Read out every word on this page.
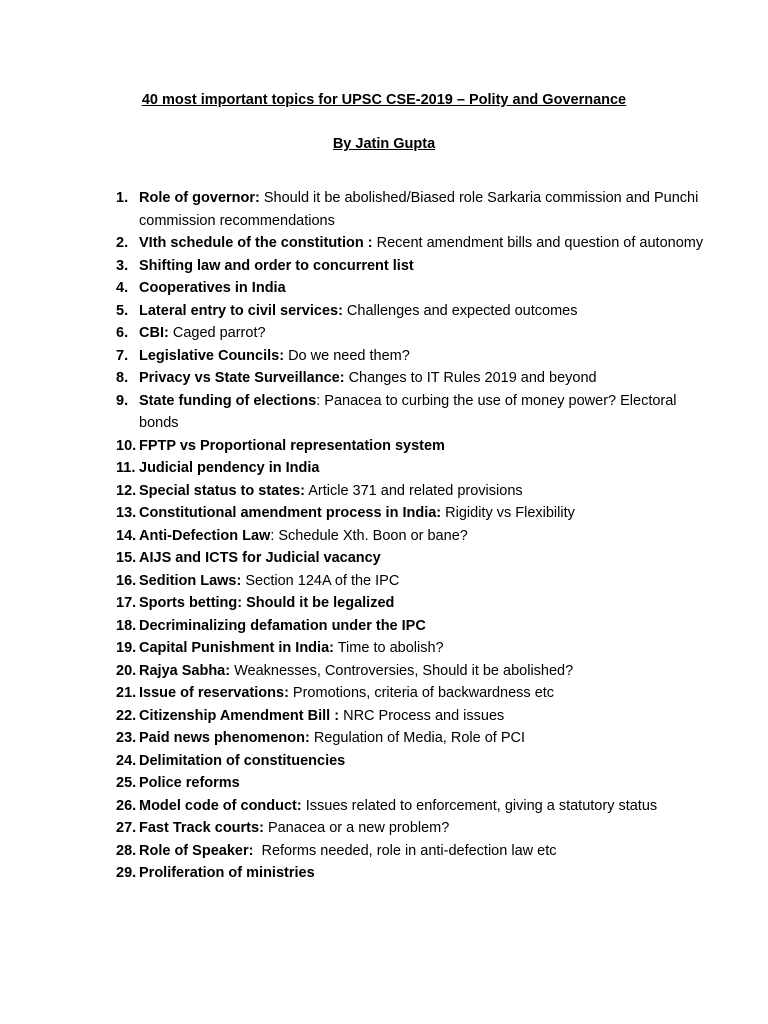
40 most important topics for UPSC CSE-2019 – Polity and Governance
By Jatin Gupta
1. Role of governor: Should it be abolished/Biased role Sarkaria commission and Punchi commission recommendations
2. VIth schedule of the constitution : Recent amendment bills and question of autonomy
3. Shifting law and order to concurrent list
4. Cooperatives in India
5. Lateral entry to civil services: Challenges and expected outcomes
6. CBI: Caged parrot?
7. Legislative Councils: Do we need them?
8. Privacy vs State Surveillance: Changes to IT Rules 2019 and beyond
9. State funding of elections: Panacea to curbing the use of money power? Electoral bonds
10. FPTP vs Proportional representation system
11. Judicial pendency in India
12. Special status to states: Article 371 and related provisions
13. Constitutional amendment process in India: Rigidity vs Flexibility
14. Anti-Defection Law: Schedule Xth. Boon or bane?
15. AIJS and ICTS for Judicial vacancy
16. Sedition Laws: Section 124A of the IPC
17. Sports betting: Should it be legalized
18. Decriminalizing defamation under the IPC
19. Capital Punishment in India: Time to abolish?
20. Rajya Sabha: Weaknesses, Controversies, Should it be abolished?
21. Issue of reservations: Promotions, criteria of backwardness etc
22. Citizenship Amendment Bill : NRC Process and issues
23. Paid news phenomenon: Regulation of Media, Role of PCI
24. Delimitation of constituencies
25. Police reforms
26. Model code of conduct: Issues related to enforcement, giving a statutory status
27. Fast Track courts: Panacea or a new problem?
28. Role of Speaker:  Reforms needed, role in anti-defection law etc
29. Proliferation of ministries
